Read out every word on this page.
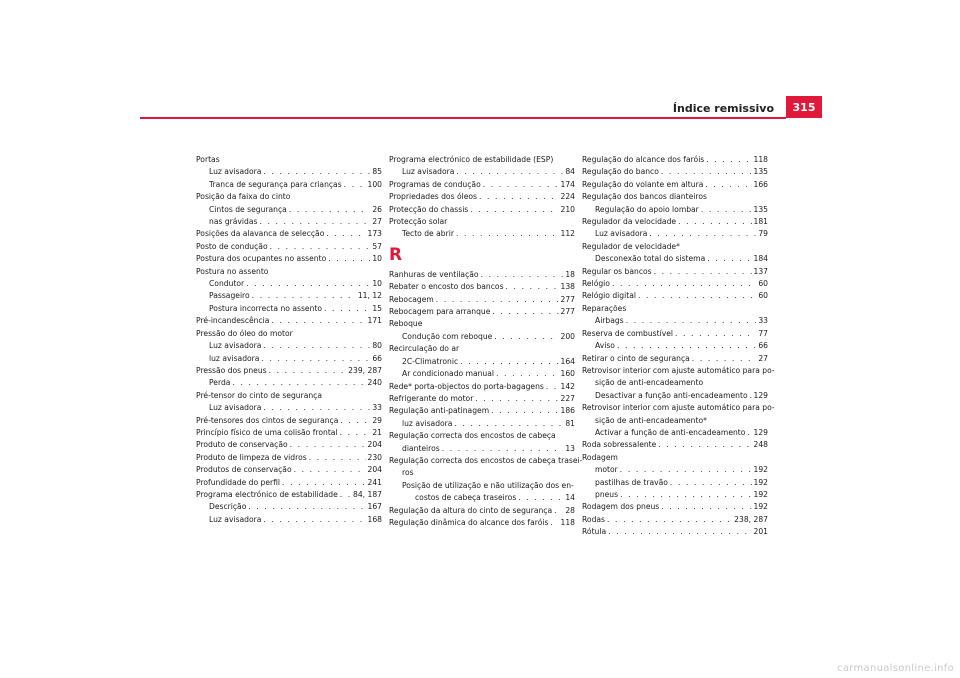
Índice remissivo	315
Portas
Luz avisadora . . .	85
Tranca de segurança para crianças . . .	100
Posição da faixa do cinto
Cintos de segurança . . .	26
nas grávidas . . .	27
Posições da alavanca de selecção . . .	173
Posto de condução . . .	57
Postura dos ocupantes no assento . . .	10
Postura no assento
Condutor . . .	10
Passageiro . . .	11, 12
Postura incorrecta no assento . . .	15
Pré-incandescência . . .	171
Pressão do óleo do motor
Luz avisadora . . .	80
luz avisadora . . .	66
Pressão dos pneus . . .	239, 287
Perda . . .	240
Pré-tensor do cinto de segurança
Luz avisadora . . .	33
Pré-tensores dos cintos de segurança . . .	29
Princípio físico de uma colisão frontal . . .	21
Produto de conservação . . .	204
Produto de limpeza de vidros . . .	230
Produtos de conservação . . .	204
Profundidade do perfil . . .	241
Programa electrónico de estabilidade . . . 84, 187
Descrição . . .	167
Luz avisadora . . .	168
Programa electrónico de estabilidade (ESP)
Luz avisadora . . .	84
Programas de condução . . .	174
Propriedades dos óleos . . .	224
Protecção do chassis . . .	210
Protecção solar
Tecto de abrir . . .	112
R
Ranhuras de ventilação . . .	18
Rebater o encosto dos bancos . . .	138
Rebocagem . . .	277
Rebocagem para arranque . . .	277
Reboque
Condução com reboque . . .	200
Recirculação do ar
2C-Climatronic . . .	164
Ar condicionado manual . . .	160
Rede* porta-objectos do porta-bagagens . . . 142
Refrigerante do motor . . .	227
Regulação anti-patinagem . . .	186
luz avisadora . . .	81
Regulação correcta dos encostos de cabeça
dianteiros . . .	13
Regulação correcta dos encostos de cabeça trasei-
ros
Posição de utilização e não utilização dos en-
costos de cabeça traseiros . . .	14
Regulação da altura do cinto de segurança . . . 28
Regulação dinâmica do alcance dos faróis . . . 118
Regulação do alcance dos faróis . . .	118
Regulação do banco . . .	135
Regulação do volante em altura . . .	166
Regulação dos bancos dianteiros
Regulação do apoio lombar . . .	135
Regulador da velocidade . . .	181
Luz avisadora . . .	79
Regulador de velocidade*
Desconexão total do sistema . . .	184
Regular os bancos . . .	137
Relógio . . .	60
Relógio digital . . .	60
Reparações
Airbags . . .	33
Reserva de combustível . . .	77
Aviso . . .	66
Retirar o cinto de segurança . . .	27
Retrovisor interior com ajuste automático para po-
sição de anti-encadeamento
Desactivar a função anti-encadeamento . . . 129
Retrovisor interior com ajuste automático para po-
sição de anti-encadeamento*
Activar a função de anti-encadeamento . . . 129
Roda sobressalente . . .	248
Rodagem
motor . . .	192
pastilhas de travão . . .	192
pneus . . .	192
Rodagem dos pneus . . .	192
Rodas . . .	238, 287
Rótula . . .	201
carmanualsonline.info
